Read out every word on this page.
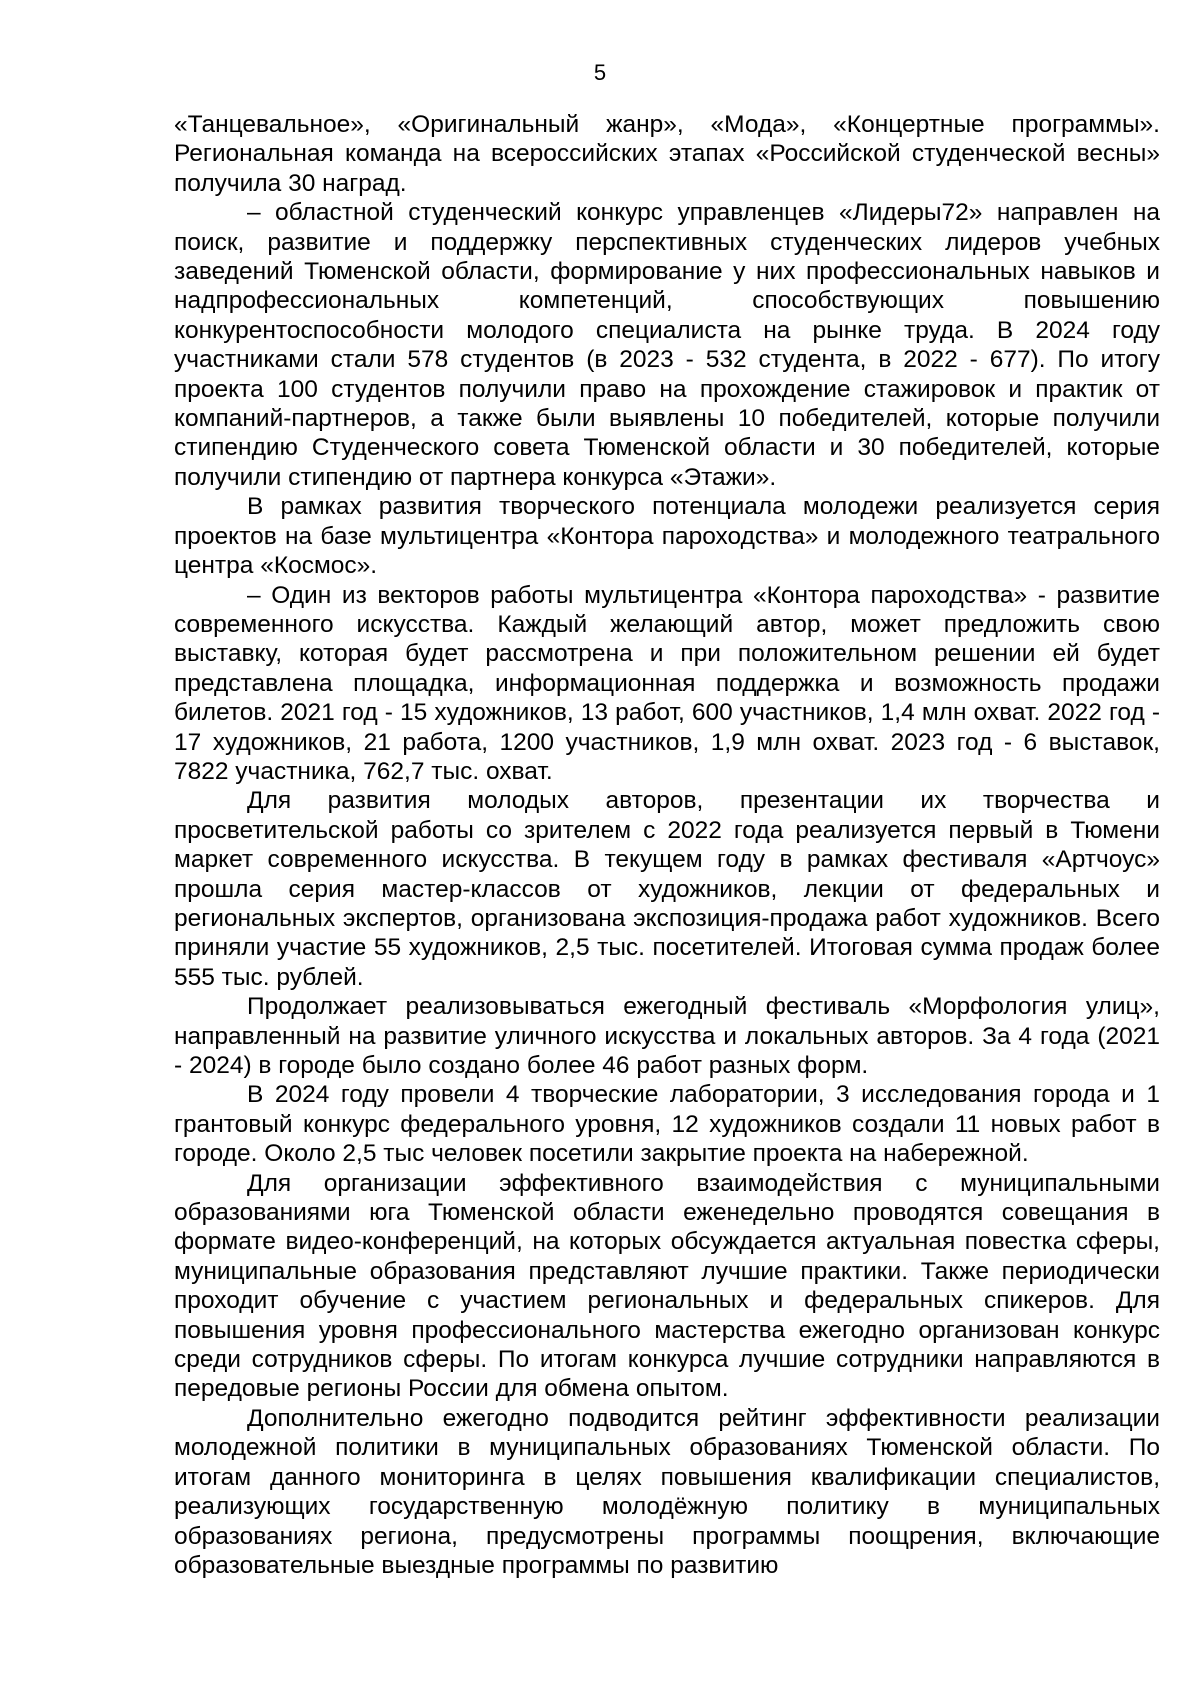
5

«Танцевальное», «Оригинальный жанр», «Мода», «Концертные программы». Региональная команда на всероссийских этапах «Российской студенческой весны» получила 30 наград.

– областной студенческий конкурс управленцев «Лидеры72» направлен на поиск, развитие и поддержку перспективных студенческих лидеров учебных заведений Тюменской области, формирование у них профессиональных навыков и надпрофессиональных компетенций, способствующих повышению конкурентоспособности молодого специалиста на рынке труда. В 2024 году участниками стали 578 студентов (в 2023 - 532 студента, в 2022 - 677). По итогу проекта 100 студентов получили право на прохождение стажировок и практик от компаний-партнеров, а также были выявлены 10 победителей, которые получили стипендию Студенческого совета Тюменской области и 30 победителей, которые получили стипендию от партнера конкурса «Этажи».

В рамках развития творческого потенциала молодежи реализуется серия проектов на базе мультицентра «Контора пароходства» и молодежного театрального центра «Космос».

– Один из векторов работы мультицентра «Контора пароходства» - развитие современного искусства. Каждый желающий автор, может предложить свою выставку, которая будет рассмотрена и при положительном решении ей будет представлена площадка, информационная поддержка и возможность продажи билетов. 2021 год - 15 художников, 13 работ, 600 участников, 1,4 млн охват. 2022 год - 17 художников, 21 работа, 1200 участников, 1,9 млн охват. 2023 год - 6 выставок, 7822 участника, 762,7 тыс. охват.

Для развития молодых авторов, презентации их творчества и просветительской работы со зрителем с 2022 года реализуется первый в Тюмени маркет современного искусства. В текущем году в рамках фестиваля «Артчоус» прошла серия мастер-классов от художников, лекции от федеральных и региональных экспертов, организована экспозиция-продажа работ художников. Всего приняли участие 55 художников, 2,5 тыс. посетителей. Итоговая сумма продаж более 555 тыс. рублей.

Продолжает реализовываться ежегодный фестиваль «Морфология улиц», направленный на развитие уличного искусства и локальных авторов. За 4 года (2021 - 2024) в городе было создано более 46 работ разных форм.

В 2024 году провели 4 творческие лаборатории, 3 исследования города и 1 грантовый конкурс федерального уровня, 12 художников создали 11 новых работ в городе. Около 2,5 тыс человек посетили закрытие проекта на набережной.

Для организации эффективного взаимодействия с муниципальными образованиями юга Тюменской области еженедельно проводятся совещания в формате видео-конференций, на которых обсуждается актуальная повестка сферы, муниципальные образования представляют лучшие практики. Также периодически проходит обучение с участием региональных и федеральных спикеров. Для повышения уровня профессионального мастерства ежегодно организован конкурс среди сотрудников сферы. По итогам конкурса лучшие сотрудники направляются в передовые регионы России для обмена опытом.

Дополнительно ежегодно подводится рейтинг эффективности реализации молодежной политики в муниципальных образованиях Тюменской области. По итогам данного мониторинга в целях повышения квалификации специалистов, реализующих государственную молодёжную политику в муниципальных образованиях региона, предусмотрены программы поощрения, включающие образовательные выездные программы по развитию
